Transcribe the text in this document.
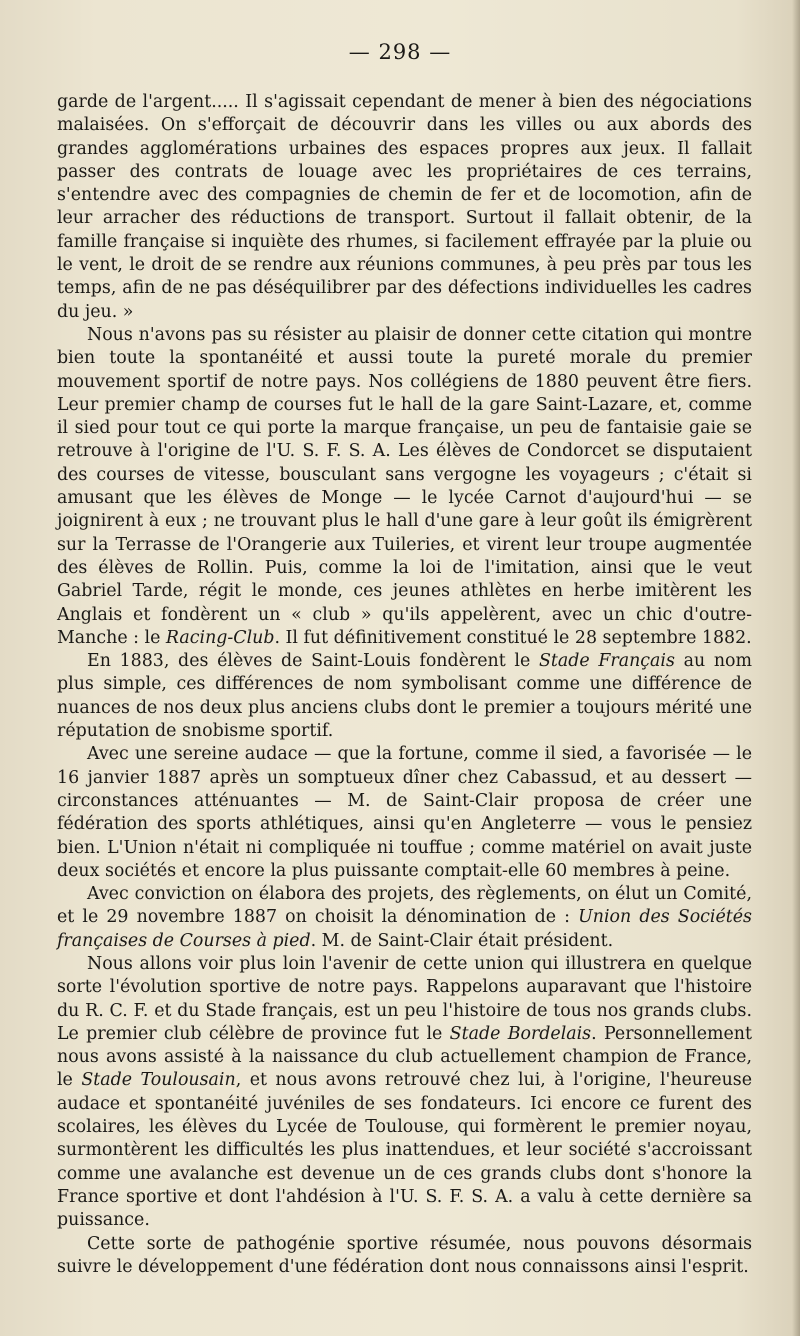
— 298 —

garde de l'argent..... Il s'agissait cependant de mener à bien des négociations malaisées. On s'efforçait de découvrir dans les villes ou aux abords des grandes agglomérations urbaines des espaces propres aux jeux. Il fallait passer des contrats de louage avec les propriétaires de ces terrains, s'entendre avec des compagnies de chemin de fer et de locomotion, afin de leur arracher des réductions de transport. Surtout il fallait obtenir, de la famille française si inquiète des rhumes, si facilement effrayée par la pluie ou le vent, le droit de se rendre aux réunions communes, à peu près par tous les temps, afin de ne pas déséquilibrer par des défections individuelles les cadres du jeu. »

Nous n'avons pas su résister au plaisir de donner cette citation qui montre bien toute la spontanéité et aussi toute la pureté morale du premier mouvement sportif de notre pays. Nos collégiens de 1880 peuvent être fiers. Leur premier champ de courses fut le hall de la gare Saint-Lazare, et, comme il sied pour tout ce qui porte la marque française, un peu de fantaisie gaie se retrouve à l'origine de l'U. S. F. S. A. Les élèves de Condorcet se disputaient des courses de vitesse, bousculant sans vergogne les voyageurs ; c'était si amusant que les élèves de Monge — le lycée Carnot d'aujourd'hui — se joignirent à eux ; ne trouvant plus le hall d'une gare à leur goût ils émigrèrent sur la Terrasse de l'Orangerie aux Tuileries, et virent leur troupe augmentée des élèves de Rollin. Puis, comme la loi de l'imitation, ainsi que le veut Gabriel Tarde, régit le monde, ces jeunes athlètes en herbe imitèrent les Anglais et fondèrent un « club » qu'ils appelèrent, avec un chic d'outre-Manche : le Racing-Club. Il fut définitivement constitué le 28 septembre 1882.

En 1883, des élèves de Saint-Louis fondèrent le Stade Français au nom plus simple, ces différences de nom symbolisant comme une différence de nuances de nos deux plus anciens clubs dont le premier a toujours mérité une réputation de snobisme sportif.

Avec une sereine audace — que la fortune, comme il sied, a favorisée — le 16 janvier 1887 après un somptueux dîner chez Cabassud, et au dessert — circonstances atténuantes — M. de Saint-Clair proposa de créer une fédération des sports athlétiques, ainsi qu'en Angleterre — vous le pensiez bien. L'Union n'était ni compliquée ni touffue ; comme matériel on avait juste deux sociétés et encore la plus puissante comptait-elle 60 membres à peine.

Avec conviction on élabora des projets, des règlements, on élut un Comité, et le 29 novembre 1887 on choisit la dénomination de : Union des Sociétés françaises de Courses à pied. M. de Saint-Clair était président.

Nous allons voir plus loin l'avenir de cette union qui illustrera en quelque sorte l'évolution sportive de notre pays. Rappelons auparavant que l'histoire du R. C. F. et du Stade français, est un peu l'histoire de tous nos grands clubs. Le premier club célèbre de province fut le Stade Bordelais. Personnellement nous avons assisté à la naissance du club actuellement champion de France, le Stade Toulousain, et nous avons retrouvé chez lui, à l'origine, l'heureuse audace et spontanéité juvéniles de ses fondateurs. Ici encore ce furent des scolaires, les élèves du Lycée de Toulouse, qui formèrent le premier noyau, surmontèrent les difficultés les plus inattendues, et leur société s'accroissant comme une avalanche est devenue un de ces grands clubs dont s'honore la France sportive et dont l'ahdésion à l'U. S. F. S. A. a valu à cette dernière sa puissance.

Cette sorte de pathogénie sportive résumée, nous pouvons désormais suivre le développement d'une fédération dont nous connaissons ainsi l'esprit.
